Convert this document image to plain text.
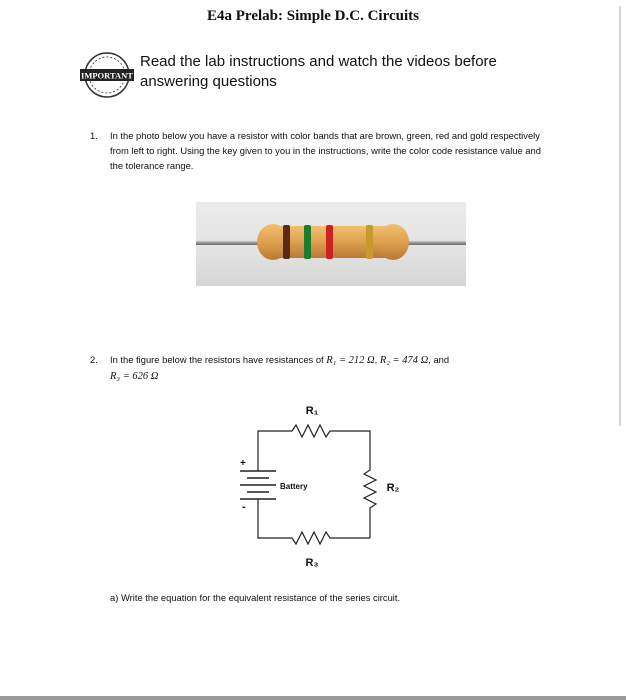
E4a Prelab: Simple D.C. Circuits
IMPORTANT
Read the lab instructions and watch the videos before answering questions
1. In the photo below you have a resistor with color bands that are brown, green, red and gold respectively from left to right. Using the key given to you in the instructions, write the color code resistance value and the tolerance range.
2. In the figure below the resistors have resistances of R₁ = 212 Ω, R₂ = 474 Ω, and
R₃ = 626 Ω
R₁
R₂
R₃
Battery
+
-
a) Write the equation for the equivalent resistance of the series circuit.
